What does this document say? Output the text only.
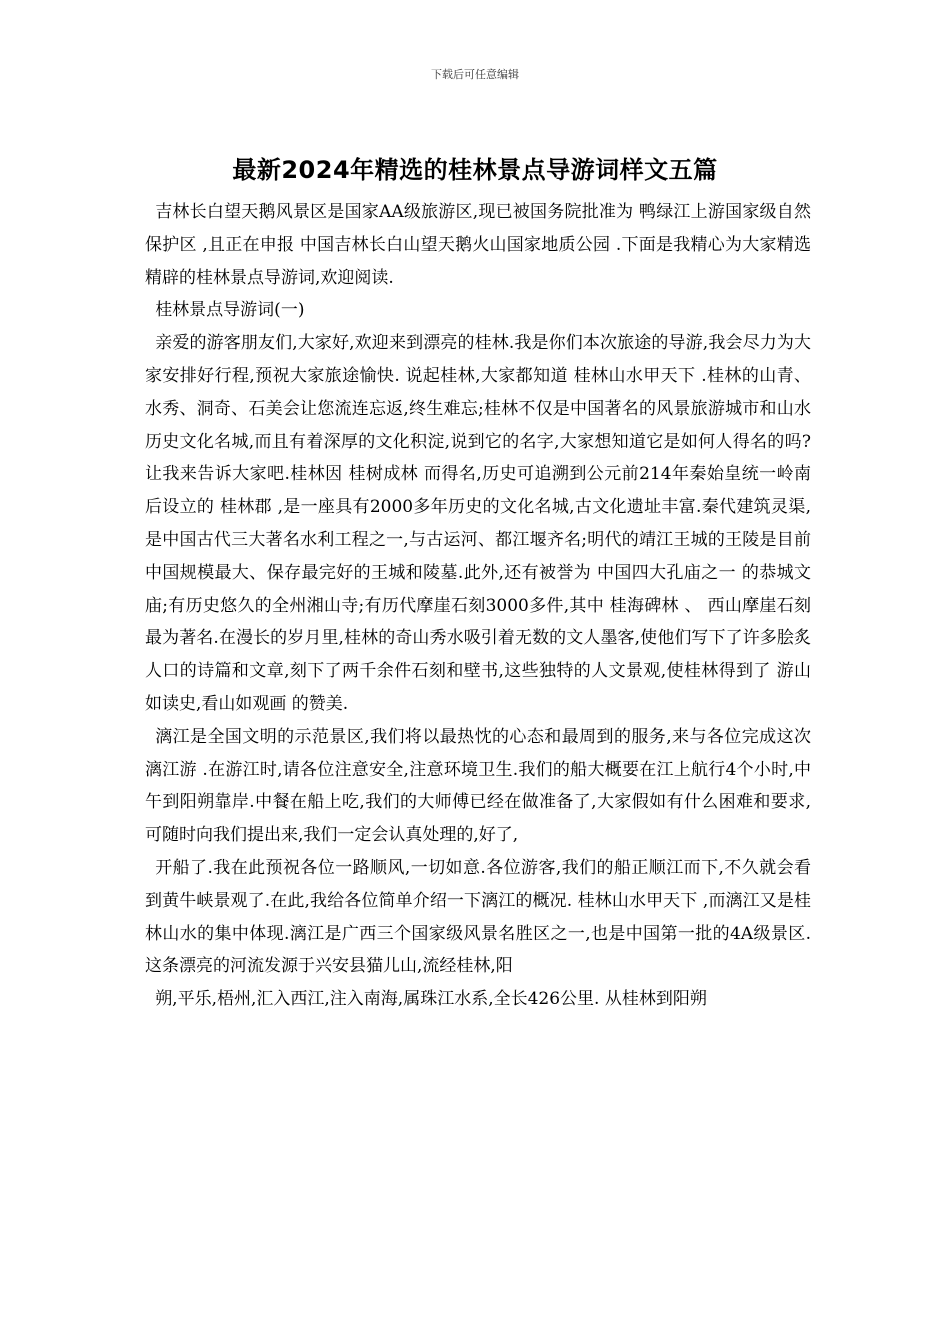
下载后可任意编辑
最新2024年精选的桂林景点导游词样文五篇

吉林长白望天鹅风景区是国家AA级旅游区,现已被国务院批准为 鸭绿江上游国家级自然保护区 ,且正在申报 中国吉林长白山望天鹅火山国家地质公园 .下面是我精心为大家精选精辟的桂林景点导游词,欢迎阅读.

桂林景点导游词(一)

亲爱的游客朋友们,大家好,欢迎来到漂亮的桂林.我是你们本次旅途的导游,我会尽力为大家安排好行程,预祝大家旅途愉快. 说起桂林,大家都知道 桂林山水甲天下 .桂林的山青、水秀、洞奇、石美会让您流连忘返,终生难忘;桂林不仅是中国著名的风景旅游城市和山水历史文化名城,而且有着深厚的文化积淀,说到它的名字,大家想知道它是如何人得名的吗?让我来告诉大家吧.桂林因 桂树成林 而得名,历史可追溯到公元前214年秦始皇统一岭南后设立的 桂林郡 ,是一座具有2000多年历史的文化名城,古文化遗址丰富.秦代建筑灵渠,是中国古代三大著名水利工程之一,与古运河、都江堰齐名;明代的靖江王城的王陵是目前中国规模最大、保存最完好的王城和陵墓.此外,还有被誉为 中国四大孔庙之一 的恭城文庙;有历史悠久的全州湘山寺;有历代摩崖石刻3000多件,其中 桂海碑林 、 西山摩崖石刻 最为著名.在漫长的岁月里,桂林的奇山秀水吸引着无数的文人墨客,使他们写下了许多脍炙人口的诗篇和文章,刻下了两千余件石刻和壁书,这些独特的人文景观,使桂林得到了 游山如读史,看山如观画 的赞美.

漓江是全国文明的示范景区,我们将以最热忱的心态和最周到的服务,来与各位完成这次 漓江游 .在游江时,请各位注意安全,注意环境卫生.我们的船大概要在江上航行4个小时,中午到阳朔靠岸.中餐在船上吃,我们的大师傅已经在做准备了,大家假如有什么困难和要求,可随时向我们提出来,我们一定会认真处理的,好了,

开船了.我在此预祝各位一路顺风,一切如意.各位游客,我们的船正顺江而下,不久就会看到黄牛峡景观了.在此,我给各位简单介绍一下漓江的概况. 桂林山水甲天下 ,而漓江又是桂林山水的集中体现.漓江是广西三个国家级风景名胜区之一,也是中国第一批的4A级景区.这条漂亮的河流发源于兴安县猫儿山,流经桂林,阳

朔,平乐,梧州,汇入西江,注入南海,属珠江水系,全长426公里. 从桂林到阳朔
